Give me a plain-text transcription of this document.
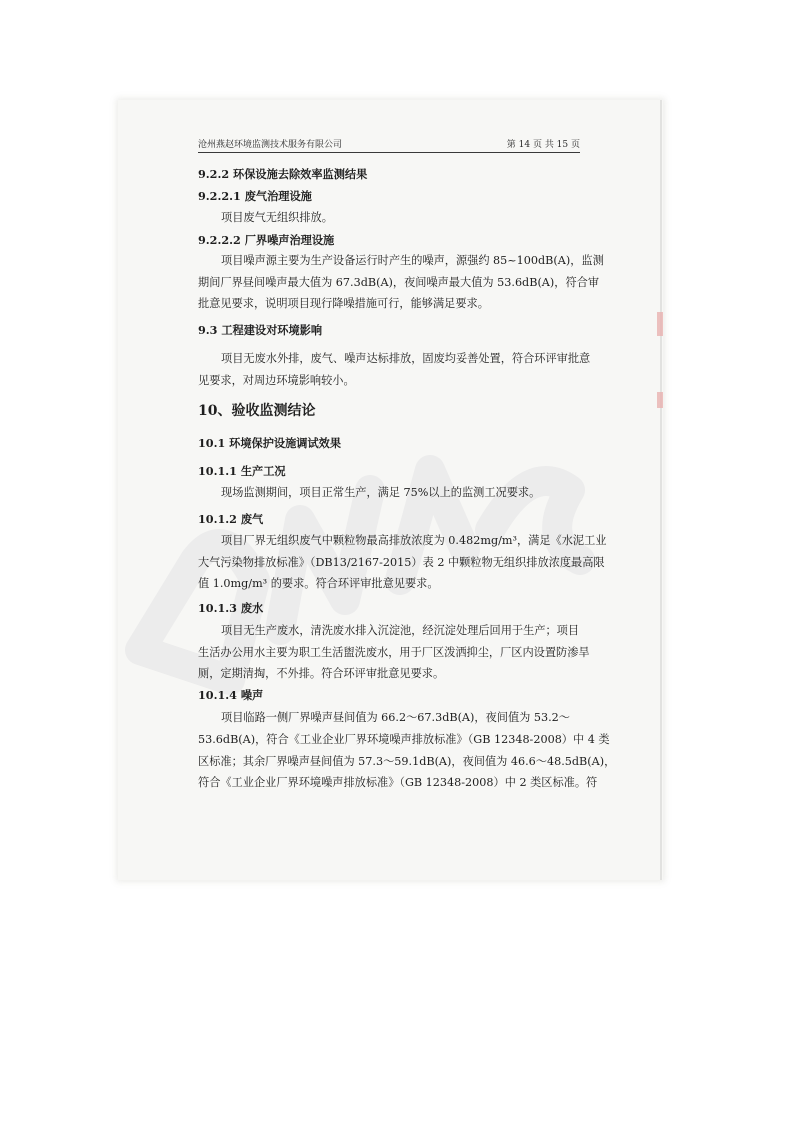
沧州燕赵环境监测技术服务有限公司	第 14 页 共 15 页
9.2.2 环保设施去除效率监测结果
9.2.2.1 废气治理设施
项目废气无组织排放。
9.2.2.2 厂界噪声治理设施
项目噪声源主要为生产设备运行时产生的噪声，源强约 85~100dB(A)，监测
期间厂界昼间噪声最大值为 67.3dB(A)，夜间噪声最大值为 53.6dB(A)，符合审
批意见要求，说明项目现行降噪措施可行，能够满足要求。
9.3 工程建设对环境影响
项目无废水外排，废气、噪声达标排放，固废均妥善处置，符合环评审批意
见要求，对周边环境影响较小。
10、验收监测结论
10.1 环境保护设施调试效果
10.1.1 生产工况
现场监测期间，项目正常生产，满足 75%以上的监测工况要求。
10.1.2 废气
项目厂界无组织废气中颗粒物最高排放浓度为 0.482mg/m³，满足《水泥工业
大气污染物排放标准》（DB13/2167-2015）表 2 中颗粒物无组织排放浓度最高限
值 1.0mg/m³ 的要求。符合环评审批意见要求。
10.1.3 废水
项目无生产废水，清洗废水排入沉淀池，经沉淀处理后回用于生产；项目
生活办公用水主要为职工生活盥洗废水，用于厂区泼洒抑尘，厂区内设置防渗旱
厕，定期清掏，不外排。符合环评审批意见要求。
10.1.4 噪声
项目临路一侧厂界噪声昼间值为 66.2～67.3dB(A)，夜间值为 53.2～
53.6dB(A)，符合《工业企业厂界环境噪声排放标准》（GB 12348-2008）中 4 类
区标准；其余厂界噪声昼间值为 57.3～59.1dB(A)，夜间值为 46.6～48.5dB(A)，
符合《工业企业厂界环境噪声排放标准》（GB 12348-2008）中 2 类区标准。符
